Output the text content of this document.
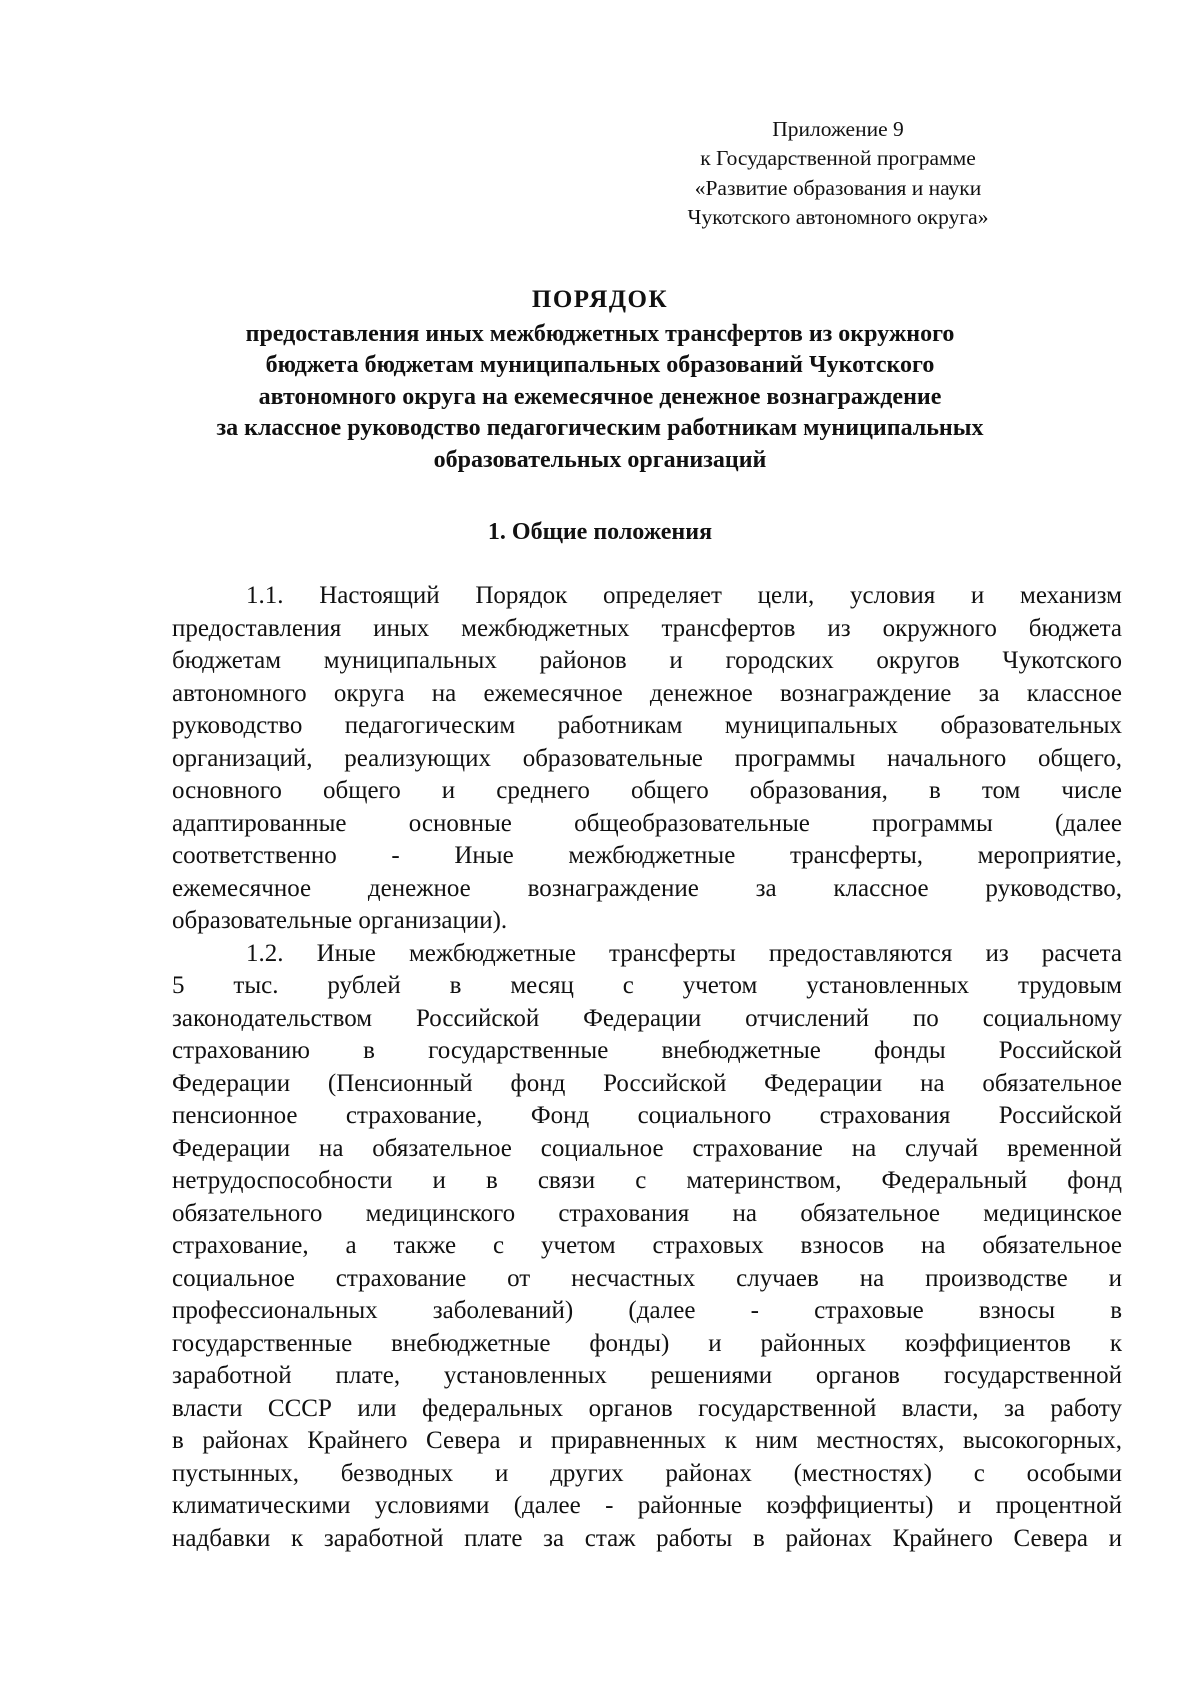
Приложение 9
к Государственной программе
«Развитие образования и науки
Чукотского автономного округа»
ПОРЯДОК
предоставления иных межбюджетных трансфертов из окружного
бюджета бюджетам муниципальных образований Чукотского
автономного округа на ежемесячное денежное вознаграждение
за классное руководство педагогическим работникам муниципальных
образовательных организаций
1. Общие положения
1.1. Настоящий Порядок определяет цели, условия и механизм
предоставления иных межбюджетных трансфертов из окружного бюджета
бюджетам муниципальных районов и городских округов Чукотского
автономного округа на ежемесячное денежное вознаграждение за классное
руководство педагогическим работникам муниципальных образовательных
организаций, реализующих образовательные программы начального общего,
основного общего и среднего общего образования, в том числе
адаптированные основные общеобразовательные программы (далее
соответственно - Иные межбюджетные трансферты, мероприятие,
ежемесячное денежное вознаграждение за классное руководство,
образовательные организации).
1.2. Иные межбюджетные трансферты предоставляются из расчета
5 тыс. рублей в месяц с учетом установленных трудовым
законодательством Российской Федерации отчислений по социальному
страхованию в государственные внебюджетные фонды Российской
Федерации (Пенсионный фонд Российской Федерации на обязательное
пенсионное страхование, Фонд социального страхования Российской
Федерации на обязательное социальное страхование на случай временной
нетрудоспособности и в связи с материнством, Федеральный фонд
обязательного медицинского страхования на обязательное медицинское
страхование, а также с учетом страховых взносов на обязательное
социальное страхование от несчастных случаев на производстве и
профессиональных заболеваний) (далее - страховые взносы в
государственные внебюджетные фонды) и районных коэффициентов к
заработной плате, установленных решениями органов государственной
власти СССР или федеральных органов государственной власти, за работу
в районах Крайнего Севера и приравненных к ним местностях, высокогорных,
пустынных, безводных и других районах (местностях) с особыми
климатическими условиями (далее - районные коэффициенты) и процентной
надбавки к заработной плате за стаж работы в районах Крайнего Севера и
